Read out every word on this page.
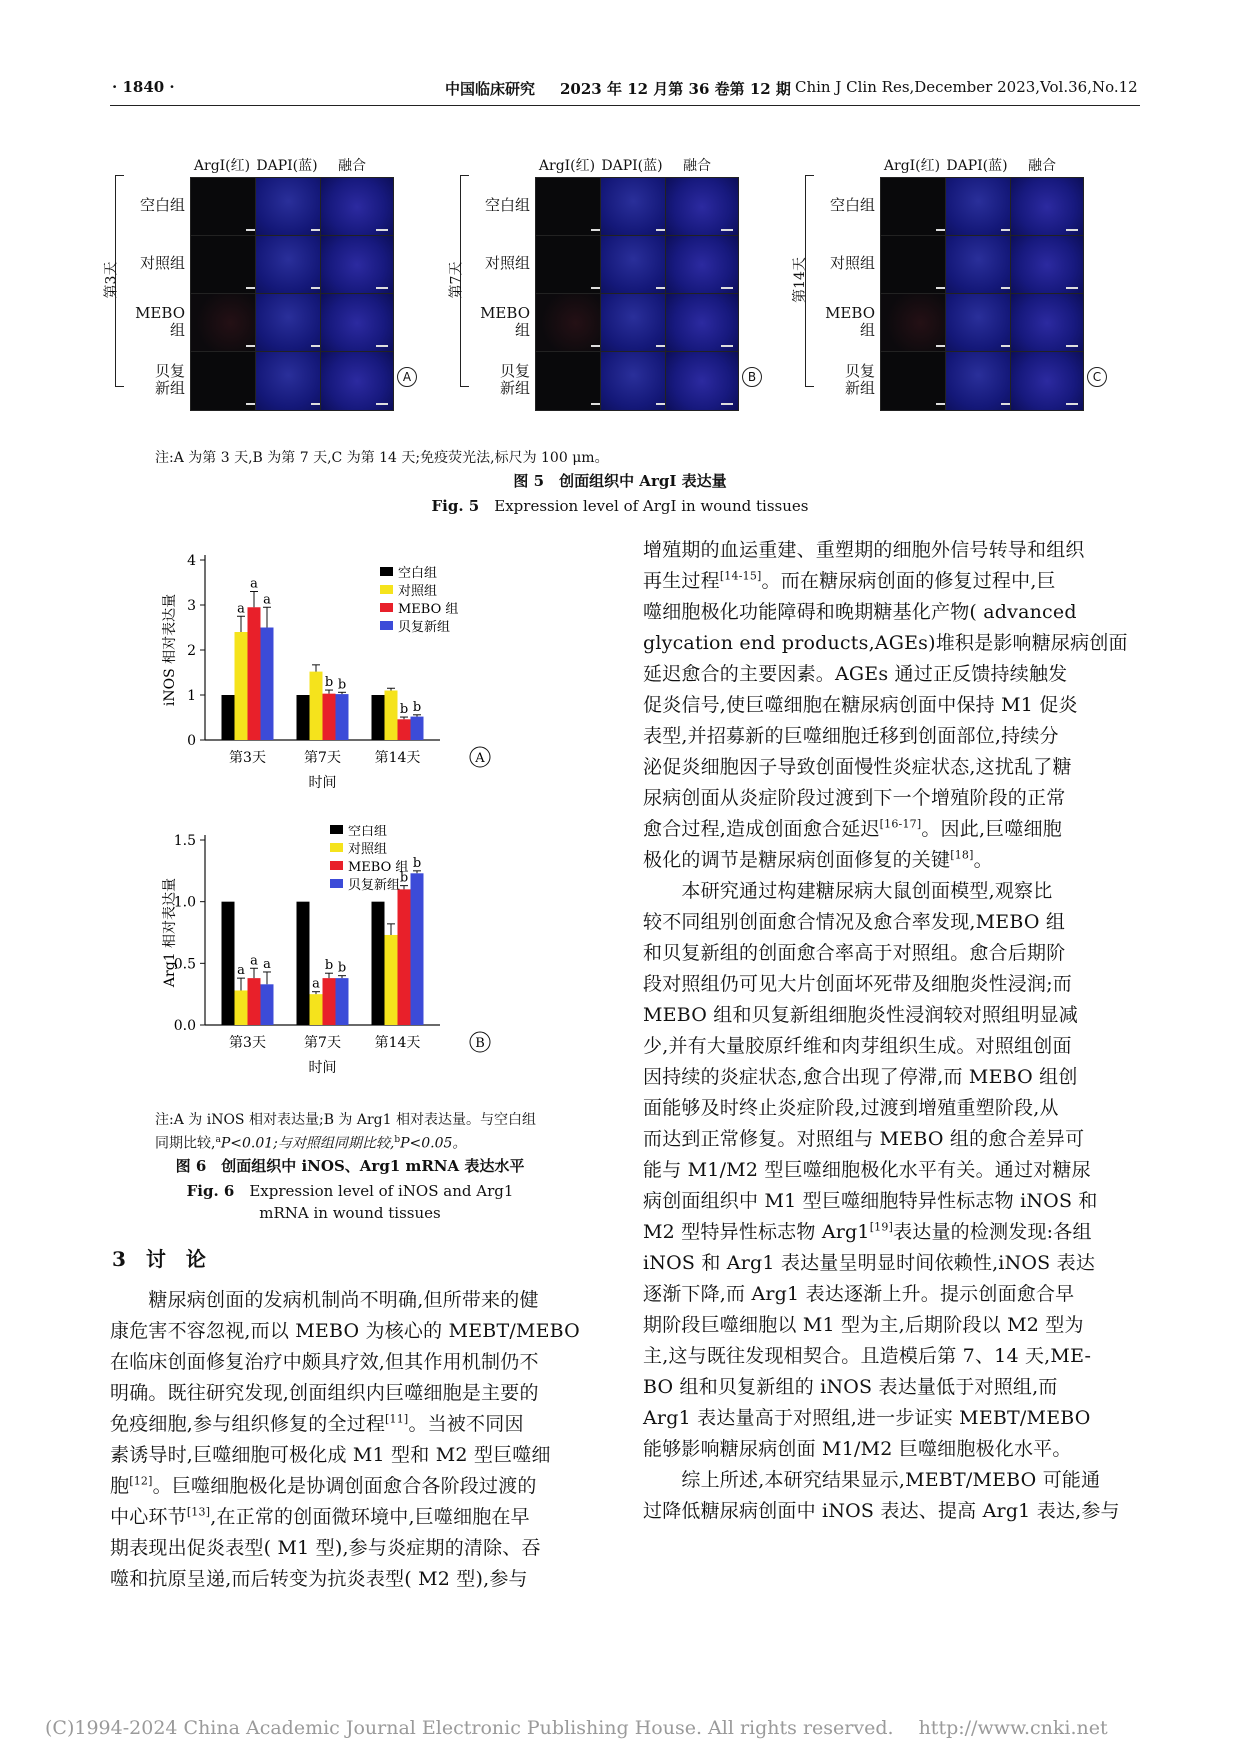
· 1840 ·	中国临床研究 2023 年 12 月第 36 卷第 12 期 Chin J Clin Res,December 2023,Vol.36,No.12
ArgI(红) DAPI(蓝)	融合
空白组
对照组
MEBO
组
贝复
新组
第3天
A
ArgI(红) DAPI(蓝)	融合
空白组
对照组
MEBO
组
贝复
新组
第7天
B
ArgI(红) DAPI(蓝)	融合
空白组
对照组
MEBO
组
贝复
新组
第14天
C
注:A 为第 3 天,B 为第 7 天,C 为第 14 天;免疫荧光法,标尺为 100 μm。
图 5　创面组织中 ArgI 表达量
Fig. 5　 Expression level of ArgI in wound tissues
0
1
2
3
4
iNOS 相对表达量	a
a
a
第3天
b b
第7天
b b
第14天
时间
空白组
对照组
MEBO 组
贝复新组
A
0.0
0.5
1.0
1.5
Arg1 相对表达量	a
a a
第3天
a
b b
第7天
b
b
第14天
时间
空白组
对照组
MEBO 组
贝复新组
B
注:A 为 iNOS 相对表达量;B 为 Arg1 相对表达量。与空白组
同期比较,$^a$P<0.01;与对照组同期比较,$^b$P<0.05。
图 6　创面组织中 iNOS、Arg1 mRNA 表达水平
Fig. 6　 Expression level of iNOS and Arg1
mRNA in wound tissues
3　讨　论
　　糖尿病创面的发病机制尚不明确,但所带来的健
康危害不容忽视,而以 MEBO 为核心的 MEBT/MEBO
在临床创面修复治疗中颇具疗效,但其作用机制仍不
明确。既往研究发现,创面组织内巨噬细胞是主要的
免疫细胞,参与组织修复的全过程[11]。当被不同因
素诱导时,巨噬细胞可极化成 M1 型和 M2 型巨噬细
胞[12]。巨噬细胞极化是协调创面愈合各阶段过渡的
中心环节[13],在正常的创面微环境中,巨噬细胞在早
期表现出促炎表型( M1 型),参与炎症期的清除、吞
噬和抗原呈递,而后转变为抗炎表型( M2 型),参与
增殖期的血运重建、重塑期的细胞外信号转导和组织
再生过程[14-15]。而在糖尿病创面的修复过程中,巨
噬细胞极化功能障碍和晚期糖基化产物( advanced
glycation end products,AGEs)堆积是影响糖尿病创面
延迟愈合的主要因素。AGEs 通过正反馈持续触发
促炎信号,使巨噬细胞在糖尿病创面中保持 M1 促炎
表型,并招募新的巨噬细胞迁移到创面部位,持续分
泌促炎细胞因子导致创面慢性炎症状态,这扰乱了糖
尿病创面从炎症阶段过渡到下一个增殖阶段的正常
愈合过程,造成创面愈合延迟[16-17]。因此,巨噬细胞
极化的调节是糖尿病创面修复的关键[18]。
　　本研究通过构建糖尿病大鼠创面模型,观察比
较不同组别创面愈合情况及愈合率发现,MEBO 组
和贝复新组的创面愈合率高于对照组。愈合后期阶
段对照组仍可见大片创面坏死带及细胞炎性浸润;而
MEBO 组和贝复新组细胞炎性浸润较对照组明显减
少,并有大量胶原纤维和肉芽组织生成。对照组创面
因持续的炎症状态,愈合出现了停滞,而 MEBO 组创
面能够及时终止炎症阶段,过渡到增殖重塑阶段,从
而达到正常修复。对照组与 MEBO 组的愈合差异可
能与 M1/M2 型巨噬细胞极化水平有关。通过对糖尿
病创面组织中 M1 型巨噬细胞特异性标志物 iNOS 和
M2 型特异性标志物 Arg1[19]表达量的检测发现:各组
iNOS 和 Arg1 表达量呈明显时间依赖性,iNOS 表达
逐渐下降,而 Arg1 表达逐渐上升。提示创面愈合早
期阶段巨噬细胞以 M1 型为主,后期阶段以 M2 型为
主,这与既往发现相契合。且造模后第 7、14 天,ME-
BO 组和贝复新组的 iNOS 表达量低于对照组,而
Arg1 表达量高于对照组,进一步证实 MEBT/MEBO
能够影响糖尿病创面 M1/M2 巨噬细胞极化水平。
　　综上所述,本研究结果显示,MEBT/MEBO 可能通
过降低糖尿病创面中 iNOS 表达、提高 Arg1 表达,参与
(C)1994-2024 China Academic Journal Electronic Publishing House. All rights reserved.　 http://www.cnki.net
